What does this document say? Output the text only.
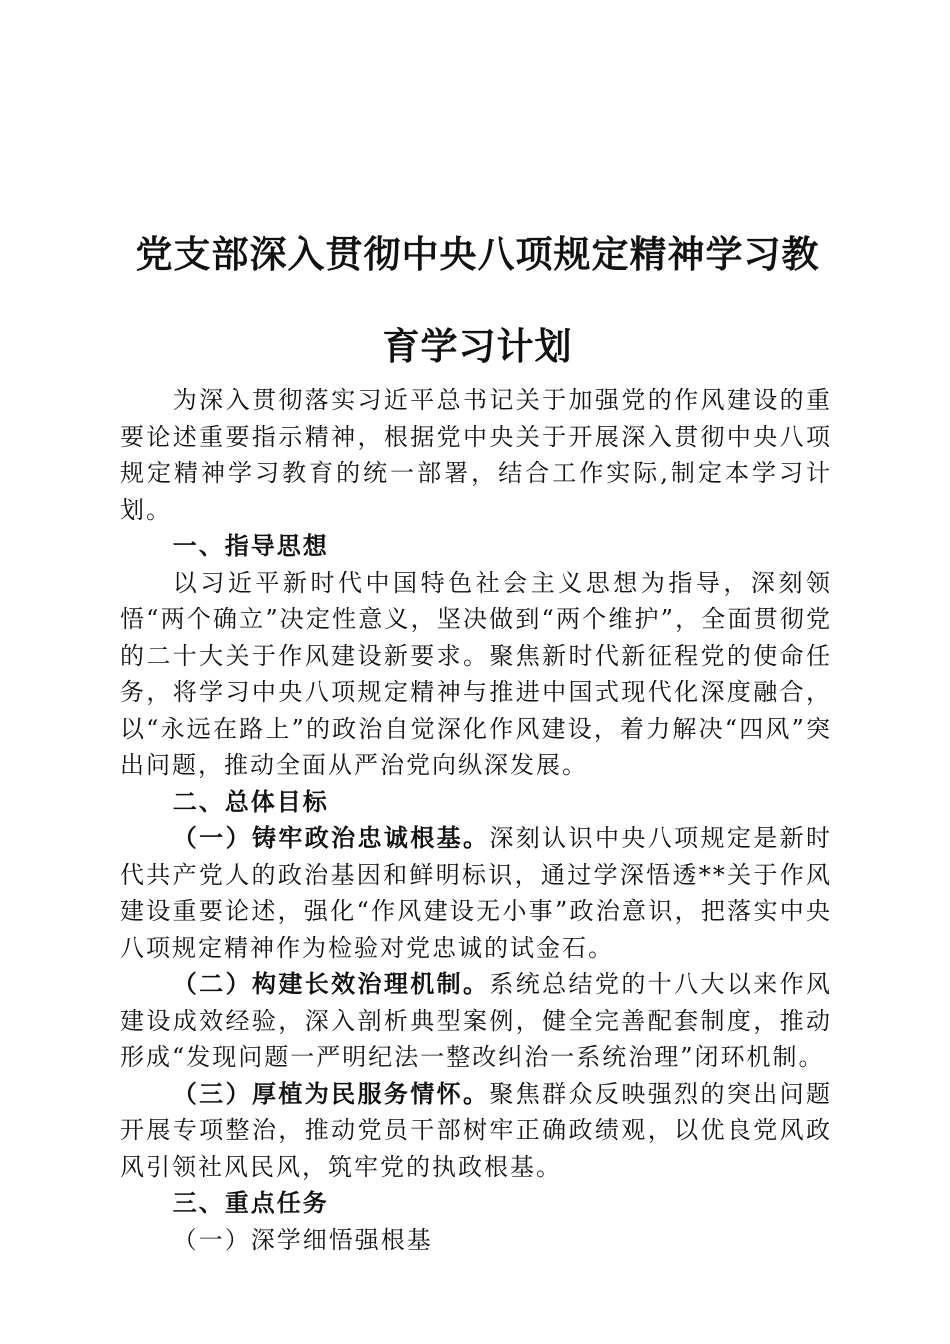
党支部深入贯彻中央八项规定精神学习教育学习计划

为深入贯彻落实习近平总书记关于加强党的作风建设的重要论述重要指示精神，根据党中央关于开展深入贯彻中央八项规定精神学习教育的统一部署，结合工作实际,制定本学习计划。

一、指导思想

以习近平新时代中国特色社会主义思想为指导，深刻领悟“两个确立”决定性意义，坚决做到“两个维护”，全面贯彻党的二十大关于作风建设新要求。聚焦新时代新征程党的使命任务，将学习中央八项规定精神与推进中国式现代化深度融合，以“永远在路上”的政治自觉深化作风建设，着力解决“四风”突出问题，推动全面从严治党向纵深发展。

二、总体目标

（一）铸牢政治忠诚根基。深刻认识中央八项规定是新时代共产党人的政治基因和鲜明标识，通过学深悟透**关于作风建设重要论述，强化“作风建设无小事”政治意识，把落实中央八项规定精神作为检验对党忠诚的试金石。

（二）构建长效治理机制。系统总结党的十八大以来作风建设成效经验，深入剖析典型案例，健全完善配套制度，推动形成“发现问题一严明纪法一整改纠治一系统治理”闭环机制。

（三）厚植为民服务情怀。聚焦群众反映强烈的突出问题开展专项整治，推动党员干部树牢正确政绩观，以优良党风政风引领社风民风，筑牢党的执政根基。

三、重点任务

（一）深学细悟强根基
